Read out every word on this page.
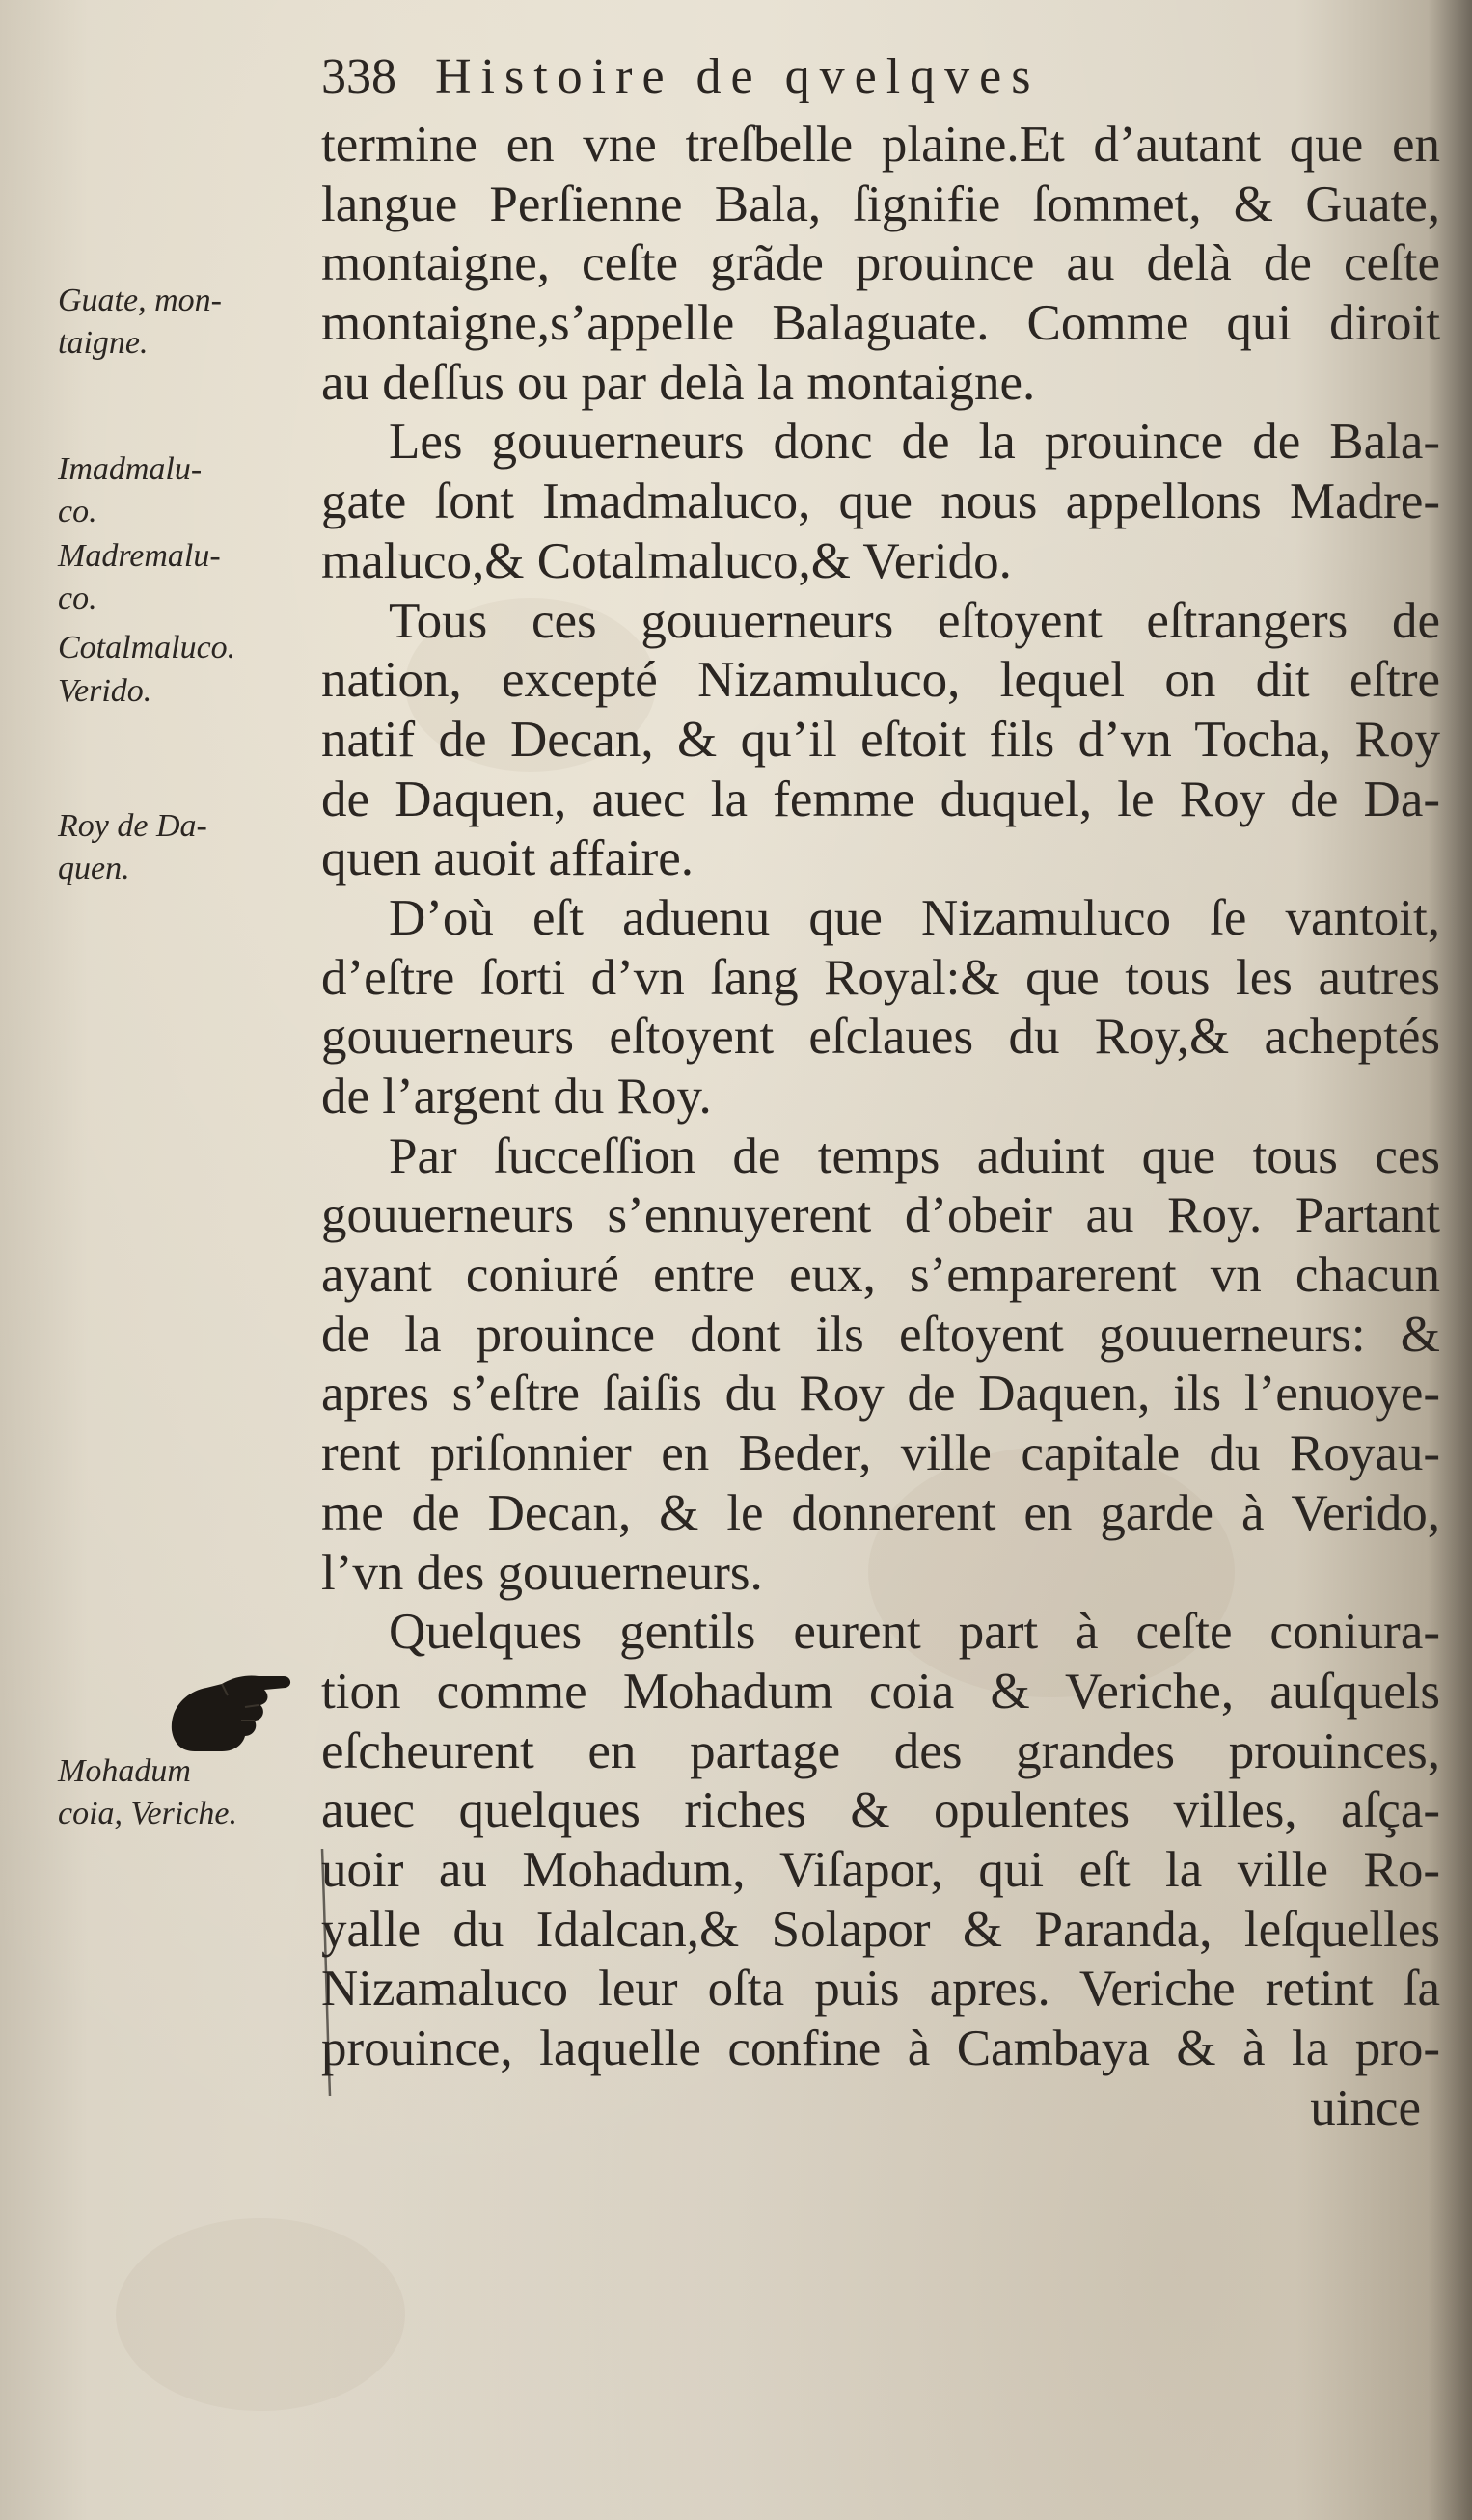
338 Histoire de qvelqves
Guate, mon-
taigne.
Imadmalu-
co.
Madremalu-
co.
Cotalmaluco.
Verido.
Roy de Da-
quen.
Mohadum
coia, Veriche.
termine en vne treſbelle plaine.Et d’autant que en
langue Perſienne Bala, ſignifie ſommet, & Guate,
montaigne, ceſte grãde prouince au delà de ceſte
montaigne,s’appelle Balaguate. Comme qui diroit
au deſſus ou par delà la montaigne.
Les gouuerneurs donc de la prouince de Bala-
gate ſont Imadmaluco, que nous appellons Madre-
maluco,& Cotalmaluco,& Verido.
Tous ces gouuerneurs eſtoyent eſtrangers de
nation, excepté Nizamuluco, lequel on dit eſtre
natif de Decan, & qu’il eſtoit fils d’vn Tocha, Roy
de Daquen, auec la femme duquel, le Roy de Da-
quen auoit affaire.
D’où eſt aduenu que Nizamuluco ſe vantoit,
d’eſtre ſorti d’vn ſang Royal:& que tous les autres
gouuerneurs eſtoyent eſclaues du Roy,& acheptés
de l’argent du Roy.
Par ſucceſſion de temps aduint que tous ces
gouuerneurs s’ennuyerent d’obeir au Roy. Partant
ayant coniuré entre eux, s’emparerent vn chacun
de la prouince dont ils eſtoyent gouuerneurs: &
apres s’eſtre ſaiſis du Roy de Daquen, ils l’enuoye-
rent priſonnier en Beder, ville capitale du Royau-
me de Decan, & le donnerent en garde à Verido,
l’vn des gouuerneurs.
Quelques gentils eurent part à ceſte coniura-
tion comme Mohadum coia & Veriche, auſquels
eſcheurent en partage des grandes prouinces,
auec quelques riches & opulentes villes, aſça-
uoir au Mohadum, Viſapor, qui eſt la ville Ro-
yalle du Idalcan,& Solapor & Paranda, leſquelles
Nizamaluco leur oſta puis apres. Veriche retint ſa
prouince, laquelle confine à Cambaya & à la pro-
uince
